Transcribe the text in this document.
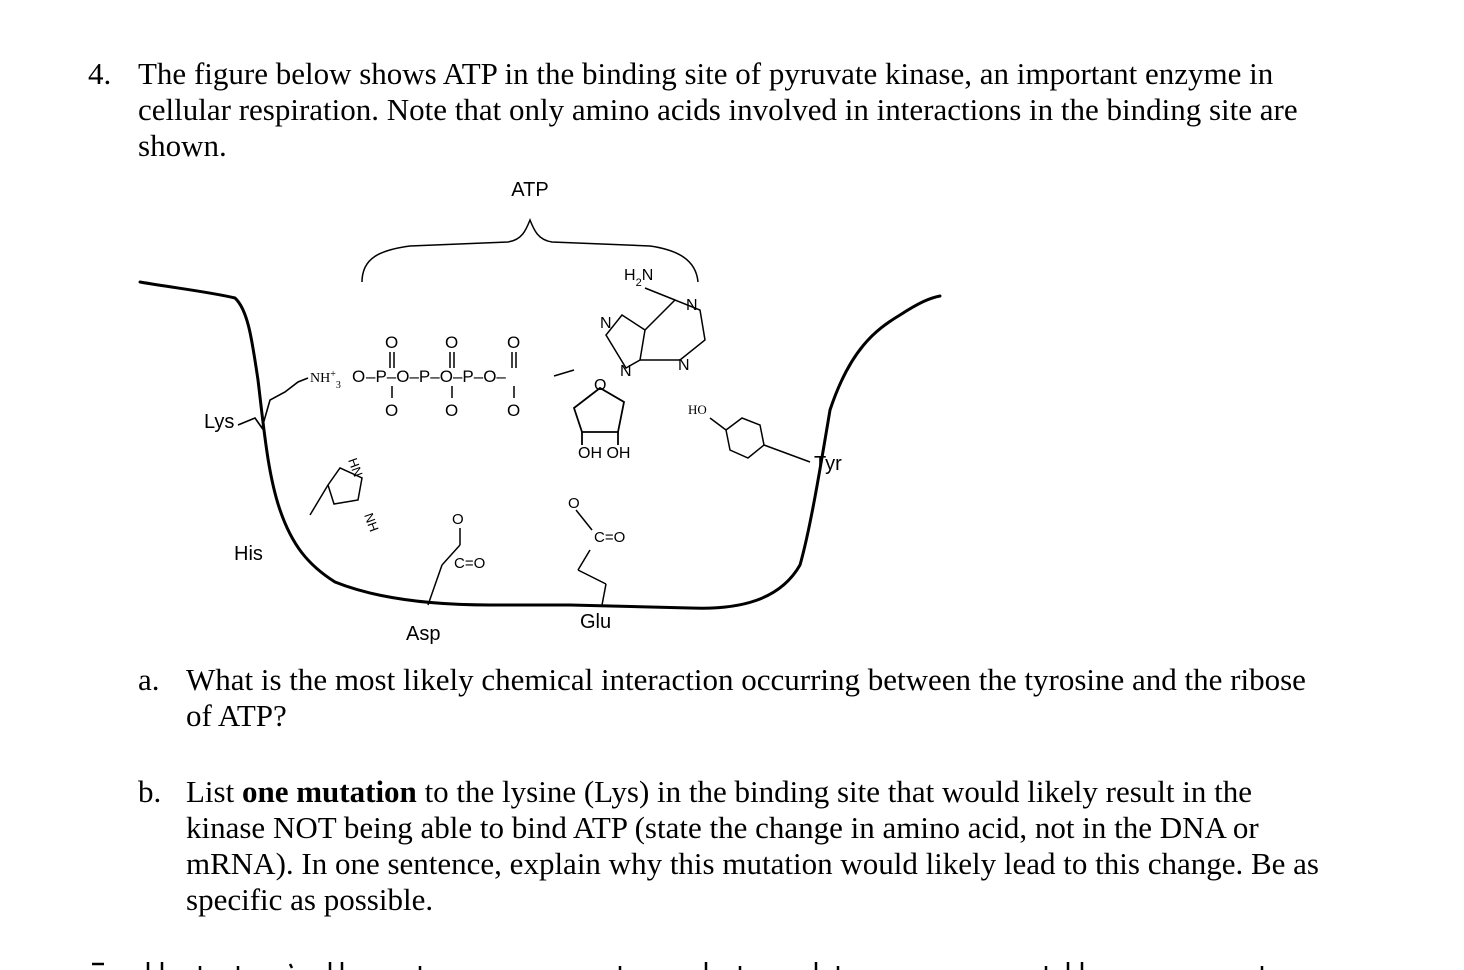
4. The figure below shows ATP in the binding site of pyruvate kinase, an important enzyme in cellular respiration. Note that only amino acids involved in interactions in the binding site are shown.
ATP
Lys
$NH^+_3$ O –P–O–P–O–P–O–
O	O	O
O	O	O
O
OH OH
$H_2N$
N
N	N
N
HO
Tyr
HN
NH
His
O
C=O
Asp
O
C=O
Glu
a. What is the most likely chemical interaction occurring between the tyrosine and the ribose of ATP?
b. List one mutation to the lysine (Lys) in the binding site that would likely result in the kinase NOT being able to bind ATP (state the change in amino acid, not in the DNA or mRNA). In one sentence, explain why this mutation would likely lead to this change. Be as specific as possible.
